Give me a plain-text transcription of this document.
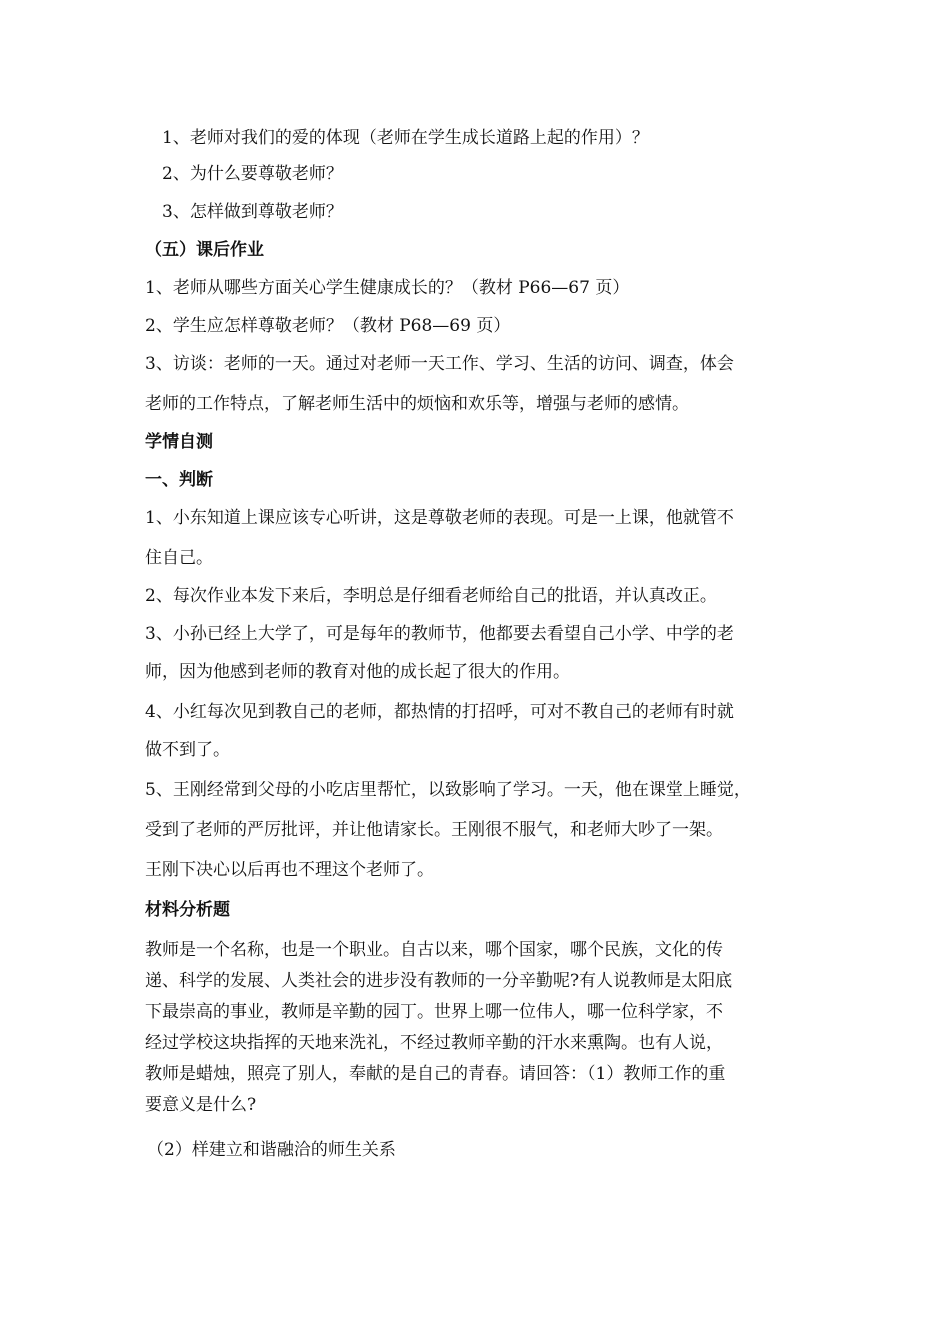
1、老师对我们的爱的体现（老师在学生成长道路上起的作用）？
2、为什么要尊敬老师？
3、怎样做到尊敬老师？
（五）课后作业
1、老师从哪些方面关心学生健康成长的？（教材 P66—67 页）
2、学生应怎样尊敬老师？（教材 P68—69 页）
3、访谈：老师的一天。通过对老师一天工作、学习、生活的访问、调查，体会
老师的工作特点，了解老师生活中的烦恼和欢乐等，增强与老师的感情。
学情自测
一、判断
1、小东知道上课应该专心听讲，这是尊敬老师的表现。可是一上课，他就管不
住自己。
2、每次作业本发下来后，李明总是仔细看老师给自己的批语，并认真改正。
3、小孙已经上大学了，可是每年的教师节，他都要去看望自己小学、中学的老
师，因为他感到老师的教育对他的成长起了很大的作用。
4、小红每次见到教自己的老师，都热情的打招呼，可对不教自己的老师有时就
做不到了。
5、王刚经常到父母的小吃店里帮忙，以致影响了学习。一天，他在课堂上睡觉，
受到了老师的严厉批评，并让他请家长。王刚很不服气，和老师大吵了一架。
王刚下决心以后再也不理这个老师了。
材料分析题
教师是一个名称，也是一个职业。自古以来，哪个国家，哪个民族，文化的传
递、科学的发展、人类社会的进步没有教师的一分辛勤呢?有人说教师是太阳底
下最崇高的事业，教师是辛勤的园丁。世界上哪一位伟人，哪一位科学家，不
经过学校这块指挥的天地来洗礼，不经过教师辛勤的汗水来熏陶。也有人说，
教师是蜡烛，照亮了别人，奉献的是自己的青春。请回答：（1）教师工作的重
要意义是什么?
（2）样建立和谐融洽的师生关系
